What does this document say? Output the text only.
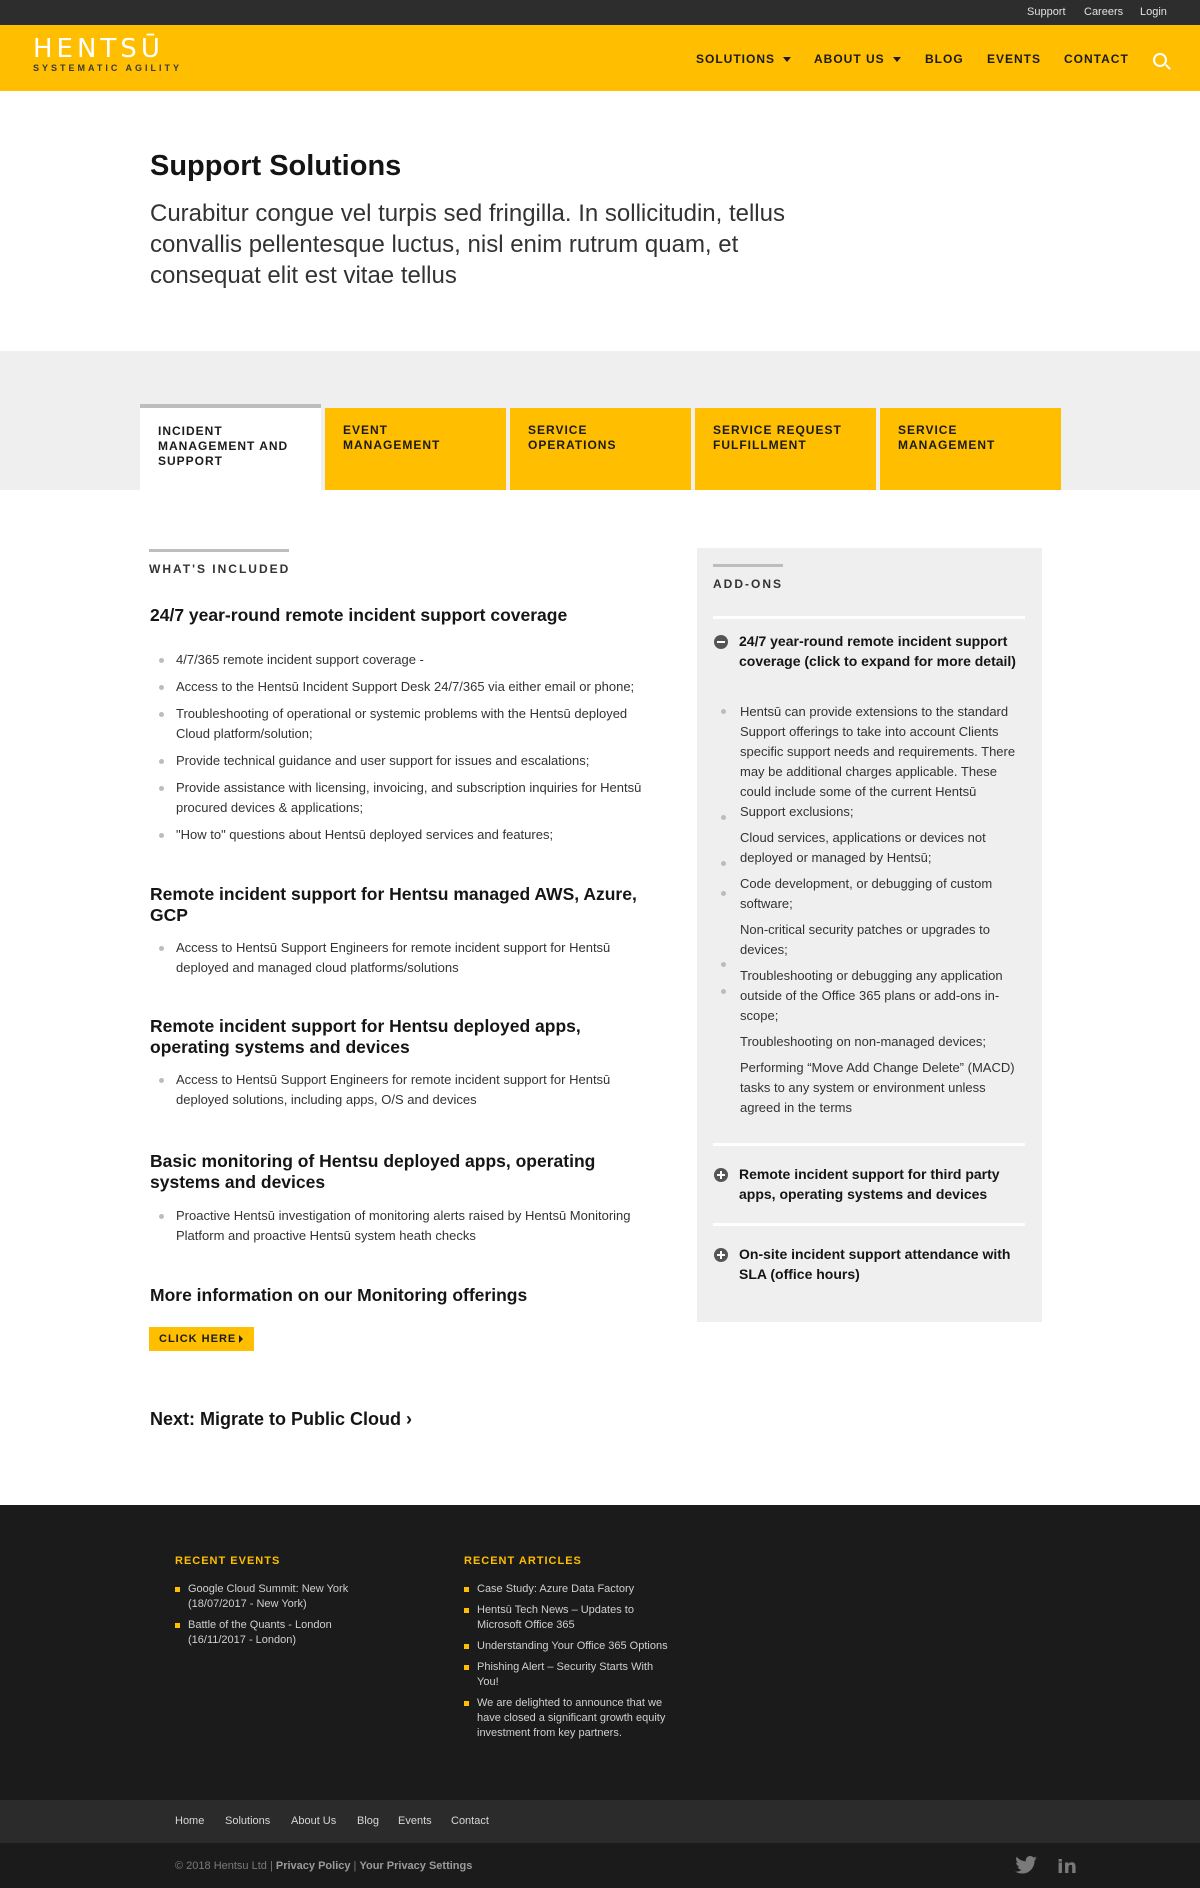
Support Careers Login
HENTSŪ
SYSTEMATIC AGILITY
SOLUTIONS	ABOUT US	BLOG EVENTS CONTACT
Support Solutions

Curabitur congue vel turpis sed fringilla. In sollicitudin, tellus convallis pellentesque luctus, nisl enim rutrum quam, et consequat elit est vitae tellus

INCIDENT MANAGEMENT AND SUPPORT
EVENT MANAGEMENT
SERVICE OPERATIONS
SERVICE REQUEST FULFILLMENT
SERVICE MANAGEMENT
WHAT'S INCLUDED
24/7 year-round remote incident support coverage
4/7/365 remote incident support coverage -
Access to the Hentsū Incident Support Desk 24/7/365 via either email or phone;
Troubleshooting of operational or systemic problems with the Hentsū deployed Cloud platform/solution;
Provide technical guidance and user support for issues and escalations;
Provide assistance with licensing, invoicing, and subscription inquiries for Hentsū procured devices & applications;
"How to" questions about Hentsū deployed services and features;
Remote incident support for Hentsu managed AWS, Azure, GCP
Access to Hentsū Support Engineers for remote incident support for Hentsū deployed and managed cloud platforms/solutions
Remote incident support for Hentsu deployed apps, operating systems and devices
Access to Hentsū Support Engineers for remote incident support for Hentsū deployed solutions, including apps, O/S and devices
Basic monitoring of Hentsu deployed apps, operating systems and devices
Proactive Hentsū investigation of monitoring alerts raised by Hentsū Monitoring Platform and proactive Hentsū system heath checks
More information on our Monitoring offerings
CLICK HERE
Next: Migrate to Public Cloud ›
ADD-ONS
24/7 year-round remote incident support coverage (click to expand for more detail)

Hentsū can provide extensions to the standard Support offerings to take into account Clients specific support needs and requirements. There may be additional charges applicable. These could include some of the current Hentsū Support exclusions;

Cloud services, applications or devices not deployed or managed by Hentsū;

Code development, or debugging of custom software;

Non-critical security patches or upgrades to devices;

Troubleshooting or debugging any application outside of the Office 365 plans or add-ons in-scope;

Troubleshooting on non-managed devices;

Performing “Move Add Change Delete” (MACD) tasks to any system or environment unless agreed in the terms

Remote incident support for third party apps, operating systems and devices
On-site incident support attendance with SLA (office hours)
RECENT EVENTS
Google Cloud Summit: New York (18/07/2017 - New York)
Battle of the Quants - London (16/11/2017 - London)
RECENT ARTICLES
Case Study: Azure Data Factory
Hentsū Tech News – Updates to Microsoft Office 365
Understanding Your Office 365 Options
Phishing Alert – Security Starts With You!
We are delighted to announce that we have closed a significant growth equity investment from key partners.
Home Solutions About Us Blog Events Contact
© 2018 Hentsu Ltd | Privacy Policy | Your Privacy Settings	in
